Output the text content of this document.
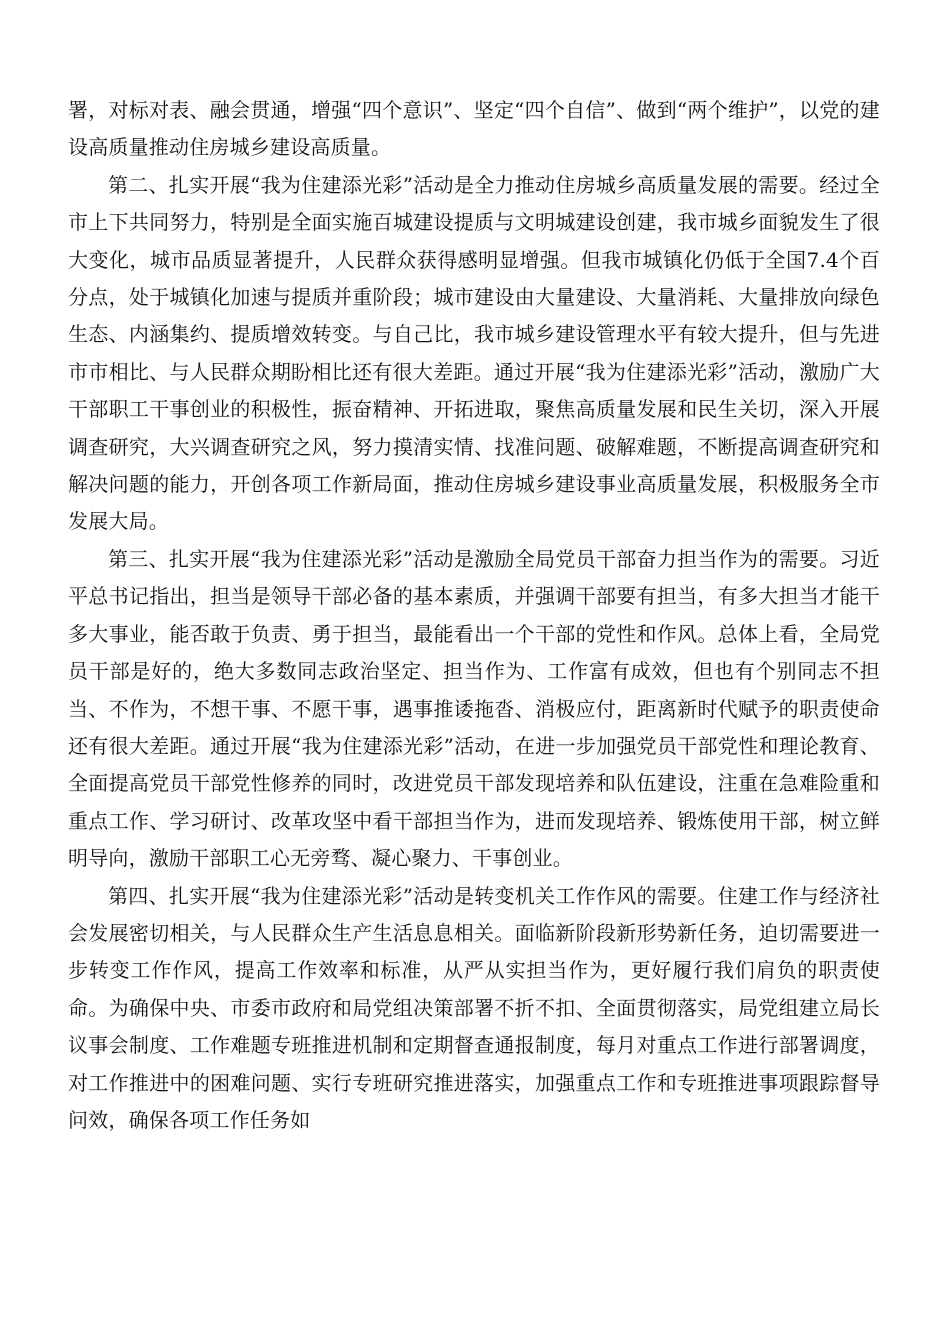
署，对标对表、融会贯通，增强“四个意识”、坚定“四个自信”、做到“两个维护”，以党的建设高质量推动住房城乡建设高质量。

第二、扎实开展“我为住建添光彩”活动是全力推动住房城乡高质量发展的需要。经过全市上下共同努力，特别是全面实施百城建设提质与文明城建设创建，我市城乡面貌发生了很大变化，城市品质显著提升，人民群众获得感明显增强。但我市城镇化仍低于全国7.4个百分点，处于城镇化加速与提质并重阶段；城市建设由大量建设、大量消耗、大量排放向绿色生态、内涵集约、提质增效转变。与自己比，我市城乡建设管理水平有较大提升，但与先进市市相比、与人民群众期盼相比还有很大差距。通过开展“我为住建添光彩”活动，激励广大干部职工干事创业的积极性，振奋精神、开拓进取，聚焦高质量发展和民生关切，深入开展调查研究，大兴调查研究之风，努力摸清实情、找准问题、破解难题，不断提高调查研究和解决问题的能力，开创各项工作新局面，推动住房城乡建设事业高质量发展，积极服务全市发展大局。

第三、扎实开展“我为住建添光彩”活动是激励全局党员干部奋力担当作为的需要。习近平总书记指出，担当是领导干部必备的基本素质，并强调干部要有担当，有多大担当才能干多大事业，能否敢于负责、勇于担当，最能看出一个干部的党性和作风。总体上看，全局党员干部是好的，绝大多数同志政治坚定、担当作为、工作富有成效，但也有个别同志不担当、不作为，不想干事、不愿干事，遇事推诿拖沓、消极应付，距离新时代赋予的职责使命还有很大差距。通过开展“我为住建添光彩”活动，在进一步加强党员干部党性和理论教育、全面提高党员干部党性修养的同时，改进党员干部发现培养和队伍建设，注重在急难险重和重点工作、学习研讨、改革攻坚中看干部担当作为，进而发现培养、锻炼使用干部，树立鲜明导向，激励干部职工心无旁骛、凝心聚力、干事创业。

第四、扎实开展“我为住建添光彩”活动是转变机关工作作风的需要。住建工作与经济社会发展密切相关，与人民群众生产生活息息相关。面临新阶段新形势新任务，迫切需要进一步转变工作作风，提高工作效率和标准，从严从实担当作为，更好履行我们肩负的职责使命。为确保中央、市委市政府和局党组决策部署不折不扣、全面贯彻落实，局党组建立局长议事会制度、工作难题专班推进机制和定期督查通报制度，每月对重点工作进行部署调度，对工作推进中的困难问题、实行专班研究推进落实，加强重点工作和专班推进事项跟踪督导问效，确保各项工作任务如
